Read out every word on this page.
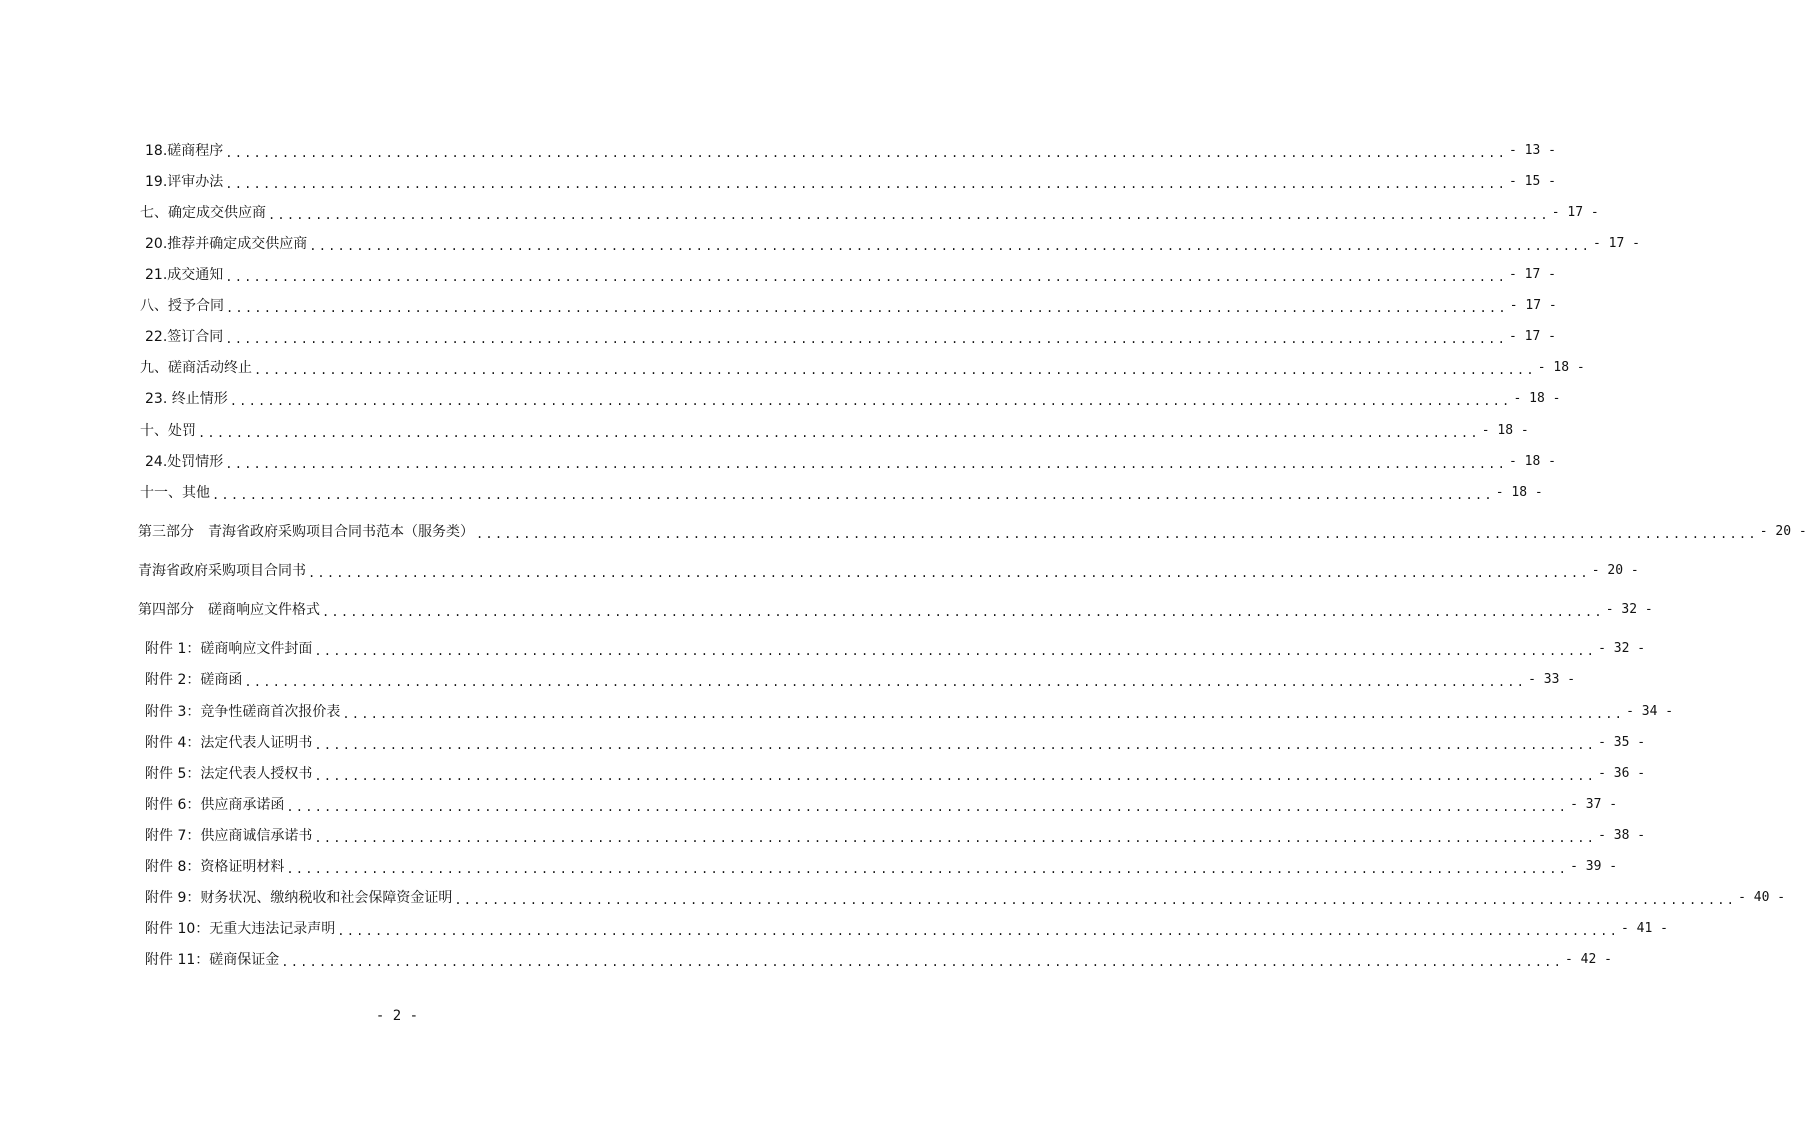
18.磋商程序 ........................................................................................................................................ - 13 -
19.评审办法 ........................................................................................................................................ - 15 -
七、确定成交供应商 ........................................................................................................................................ - 17 -
20.推荐并确定成交供应商 ........................................................................................................................................ - 17 -
21.成交通知 ........................................................................................................................................ - 17 -
八、授予合同 ........................................................................................................................................ - 17 -
22.签订合同 ........................................................................................................................................ - 17 -
九、磋商活动终止 ........................................................................................................................................ - 18 -
23. 终止情形 ........................................................................................................................................ - 18 -
十、处罚 ........................................................................................................................................ - 18 -
24.处罚情形 ........................................................................................................................................ - 18 -
十一、其他 ........................................................................................................................................ - 18 -
第三部分　青海省政府采购项目合同书范本（服务类） ........................................................................................................................................ - 20 -
青海省政府采购项目合同书 ........................................................................................................................................ - 20 -
第四部分　磋商响应文件格式 ........................................................................................................................................ - 32 -
附件 1：磋商响应文件封面 ........................................................................................................................................ - 32 -
附件 2：磋商函 ........................................................................................................................................ - 33 -
附件 3：竞争性磋商首次报价表 ........................................................................................................................................ - 34 -
附件 4：法定代表人证明书 ........................................................................................................................................ - 35 -
附件 5：法定代表人授权书 ........................................................................................................................................ - 36 -
附件 6：供应商承诺函 ........................................................................................................................................ - 37 -
附件 7：供应商诚信承诺书 ........................................................................................................................................ - 38 -
附件 8：资格证明材料 ........................................................................................................................................ - 39 -
附件 9：财务状况、缴纳税收和社会保障资金证明 ........................................................................................................................................ - 40 -
附件 10：无重大违法记录声明 ........................................................................................................................................ - 41 -
附件 11：磋商保证金 ........................................................................................................................................ - 42 -
- 2 -
